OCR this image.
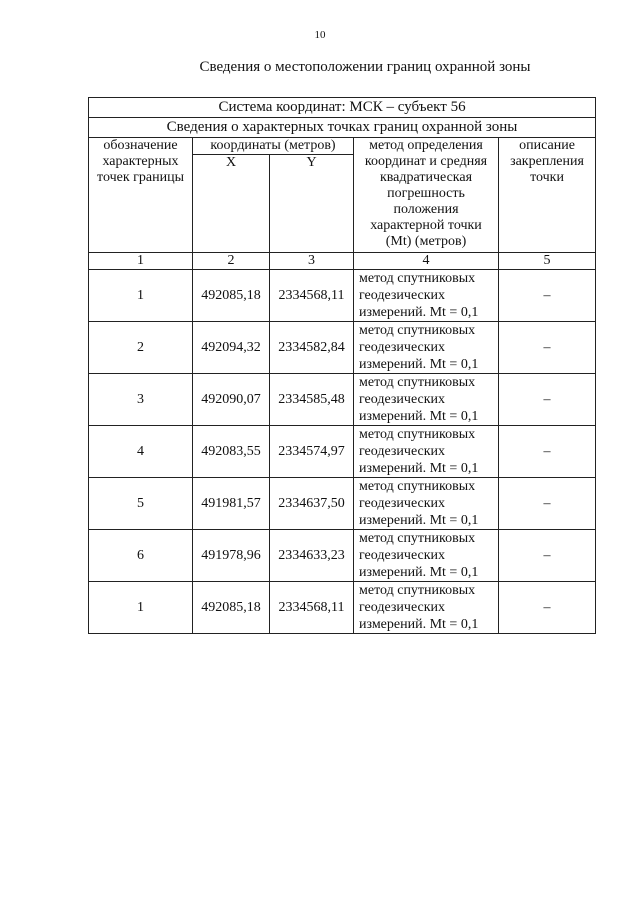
10
Сведения о местоположении границ охранной зоны
Система координат: МСК – субъект 56				
Сведения о характерных точках границ охранной зоны				
обозначение характерных точек границы	координаты (метров)		метод определения координат и средняя квадратическая погрешность положения характерной точки (Mt) (метров)	описание закрепления точки
	X	Y		
1	2	3	4	5
1	492085,18	2334568,11	метод спутниковых геодезических измерений. Mt = 0,1	–
2	492094,32	2334582,84	метод спутниковых геодезических измерений. Mt = 0,1	–
3	492090,07	2334585,48	метод спутниковых геодезических измерений. Mt = 0,1	–
4	492083,55	2334574,97	метод спутниковых геодезических измерений. Mt = 0,1	–
5	491981,57	2334637,50	метод спутниковых геодезических измерений. Mt = 0,1	–
6	491978,96	2334633,23	метод спутниковых геодезических измерений. Mt = 0,1	–
1	492085,18	2334568,11	метод спутниковых геодезических измерений. Mt = 0,1	–
